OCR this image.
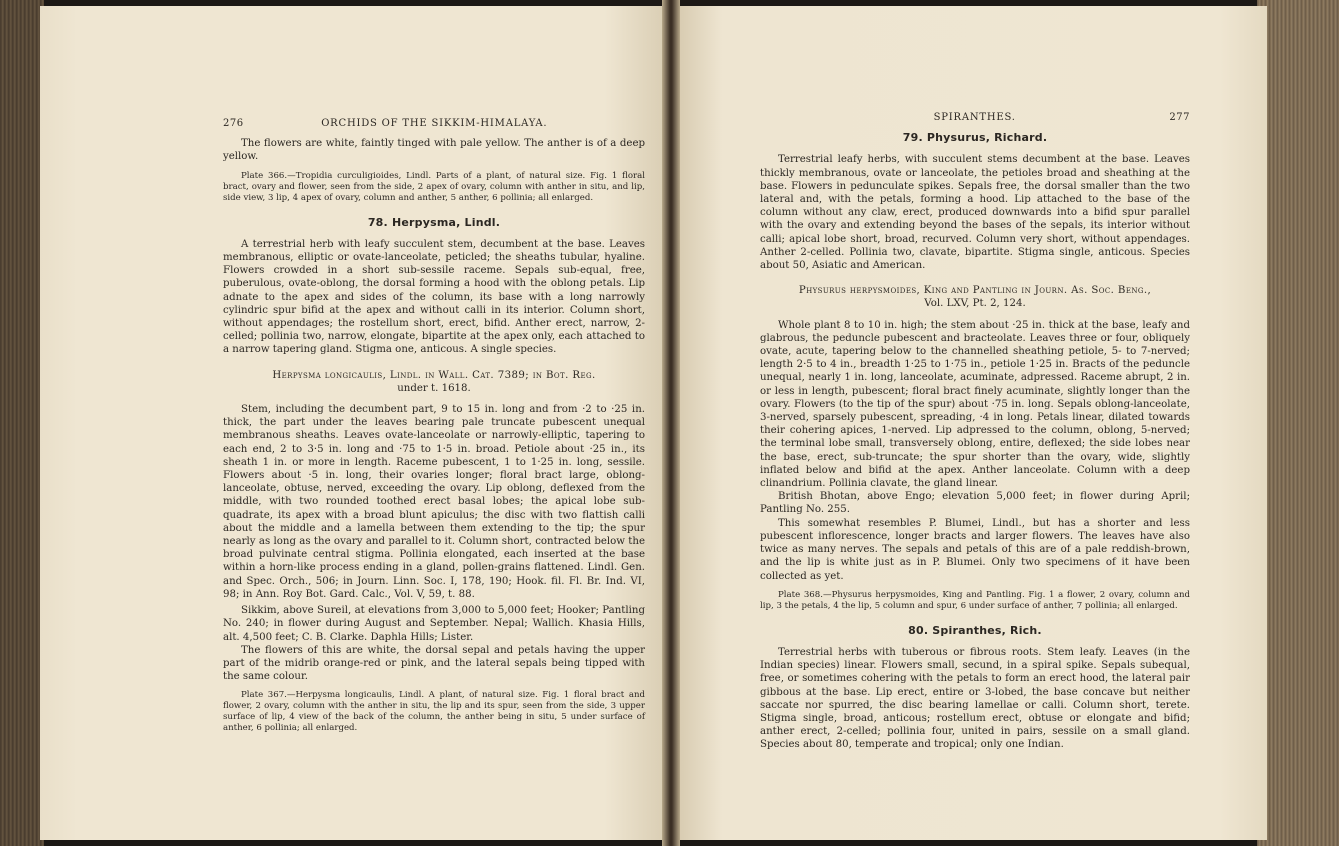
276	ORCHIDS OF THE SIKKIM-HIMALAYA.

The flowers are white, faintly tinged with pale yellow. The anther is of a deep yellow.

Plate 366.—Tropidia curculigioides, Lindl. Parts of a plant, of natural size. Fig. 1 floral bract, ovary and flower, seen from the side, 2 apex of ovary, column with anther in situ, and lip, side view, 3 lip, 4 apex of ovary, column and anther, 5 anther, 6 pollinia; all enlarged.

78. Herpysma, Lindl.

A terrestrial herb with leafy succulent stem, decumbent at the base. Leaves membranous, elliptic or ovate-lanceolate, peticled; the sheaths tubular, hyaline. Flowers crowded in a short sub-sessile raceme. Sepals sub-equal, free, puberulous, ovate-oblong, the dorsal forming a hood with the oblong petals. Lip adnate to the apex and sides of the column, its base with a long narrowly cylindric spur bifid at the apex and without calli in its interior. Column short, without appendages; the rostellum short, erect, bifid. Anther erect, narrow, 2-celled; pollinia two, narrow, elongate, bipartite at the apex only, each attached to a narrow tapering gland. Stigma one, anticous. A single species.

Herpysma longicaulis, Lindl. in Wall. Cat. 7389; in Bot. Reg.
under t. 1618.

Stem, including the decumbent part, 9 to 15 in. long and from ·2 to ·25 in. thick, the part under the leaves bearing pale truncate pubescent unequal membranous sheaths. Leaves ovate-lanceolate or narrowly-elliptic, tapering to each end, 2 to 3·5 in. long and ·75 to 1·5 in. broad. Petiole about ·25 in., its sheath 1 in. or more in length. Raceme pubescent, 1 to 1·25 in. long, sessile. Flowers about ·5 in. long, their ovaries longer; floral bract large, oblong-lanceolate, obtuse, nerved, exceeding the ovary. Lip oblong, deflexed from the middle, with two rounded toothed erect basal lobes; the apical lobe sub-quadrate, its apex with a broad blunt apiculus; the disc with two flattish calli about the middle and a lamella between them extending to the tip; the spur nearly as long as the ovary and parallel to it. Column short, contracted below the broad pulvinate central stigma. Pollinia elongated, each inserted at the base within a horn-like process ending in a gland, pollen-grains flattened. Lindl. Gen. and Spec. Orch., 506; in Journ. Linn. Soc. I, 178, 190; Hook. fil. Fl. Br. Ind. VI, 98; in Ann. Roy Bot. Gard. Calc., Vol. V, 59, t. 88.

Sikkim, above Sureil, at elevations from 3,000 to 5,000 feet; Hooker; Pantling No. 240; in flower during August and September. Nepal; Wallich. Khasia Hills, alt. 4,500 feet; C. B. Clarke. Daphla Hills; Lister.

The flowers of this are white, the dorsal sepal and petals having the upper part of the midrib orange-red or pink, and the lateral sepals being tipped with the same colour.

Plate 367.—Herpysma longicaulis, Lindl. A plant, of natural size. Fig. 1 floral bract and flower, 2 ovary, column with the anther in situ, the lip and its spur, seen from the side, 3 upper surface of lip, 4 view of the back of the column, the anther being in situ, 5 under surface of anther, 6 pollinia; all enlarged.

SPIRANTHES.	277
79. Physurus, Richard.

Terrestrial leafy herbs, with succulent stems decumbent at the base. Leaves thickly membranous, ovate or lanceolate, the petioles broad and sheathing at the base. Flowers in pedunculate spikes. Sepals free, the dorsal smaller than the two lateral and, with the petals, forming a hood. Lip attached to the base of the column without any claw, erect, produced downwards into a bifid spur parallel with the ovary and extending beyond the bases of the sepals, its interior without calli; apical lobe short, broad, recurved. Column very short, without appendages. Anther 2-celled. Pollinia two, clavate, bipartite. Stigma single, anticous. Species about 50, Asiatic and American.

Physurus herpysmoides, King and Pantling in Journ. As. Soc. Beng.,
Vol. LXV, Pt. 2, 124.

Whole plant 8 to 10 in. high; the stem about ·25 in. thick at the base, leafy and glabrous, the peduncle pubescent and bracteolate. Leaves three or four, obliquely ovate, acute, tapering below to the channelled sheathing petiole, 5- to 7-nerved; length 2·5 to 4 in., breadth 1·25 to 1·75 in., petiole 1·25 in. Bracts of the peduncle unequal, nearly 1 in. long, lanceolate, acuminate, adpressed. Raceme abrupt, 2 in. or less in length, pubescent; floral bract finely acuminate, slightly longer than the ovary. Flowers (to the tip of the spur) about ·75 in. long. Sepals oblong-lanceolate, 3-nerved, sparsely pubescent, spreading, ·4 in long. Petals linear, dilated towards their cohering apices, 1-nerved. Lip adpressed to the column, oblong, 5-nerved; the terminal lobe small, transversely oblong, entire, deflexed; the side lobes near the base, erect, sub-truncate; the spur shorter than the ovary, wide, slightly inflated below and bifid at the apex. Anther lanceolate. Column with a deep clinandrium. Pollinia clavate, the gland linear.

British Bhotan, above Engo; elevation 5,000 feet; in flower during April; Pantling No. 255.

This somewhat resembles P. Blumei, Lindl., but has a shorter and less pubescent inflorescence, longer bracts and larger flowers. The leaves have also twice as many nerves. The sepals and petals of this are of a pale reddish-brown, and the lip is white just as in P. Blumei. Only two specimens of it have been collected as yet.

Plate 368.—Physurus herpysmoides, King and Pantling. Fig. 1 a flower, 2 ovary, column and lip, 3 the petals, 4 the lip, 5 column and spur, 6 under surface of anther, 7 pollinia; all enlarged.

80. Spiranthes, Rich.

Terrestrial herbs with tuberous or fibrous roots. Stem leafy. Leaves (in the Indian species) linear. Flowers small, secund, in a spiral spike. Sepals subequal, free, or sometimes cohering with the petals to form an erect hood, the lateral pair gibbous at the base. Lip erect, entire or 3-lobed, the base concave but neither saccate nor spurred, the disc bearing lamellae or calli. Column short, terete. Stigma single, broad, anticous; rostellum erect, obtuse or elongate and bifid; anther erect, 2-celled; pollinia four, united in pairs, sessile on a small gland. Species about 80, temperate and tropical; only one Indian.
